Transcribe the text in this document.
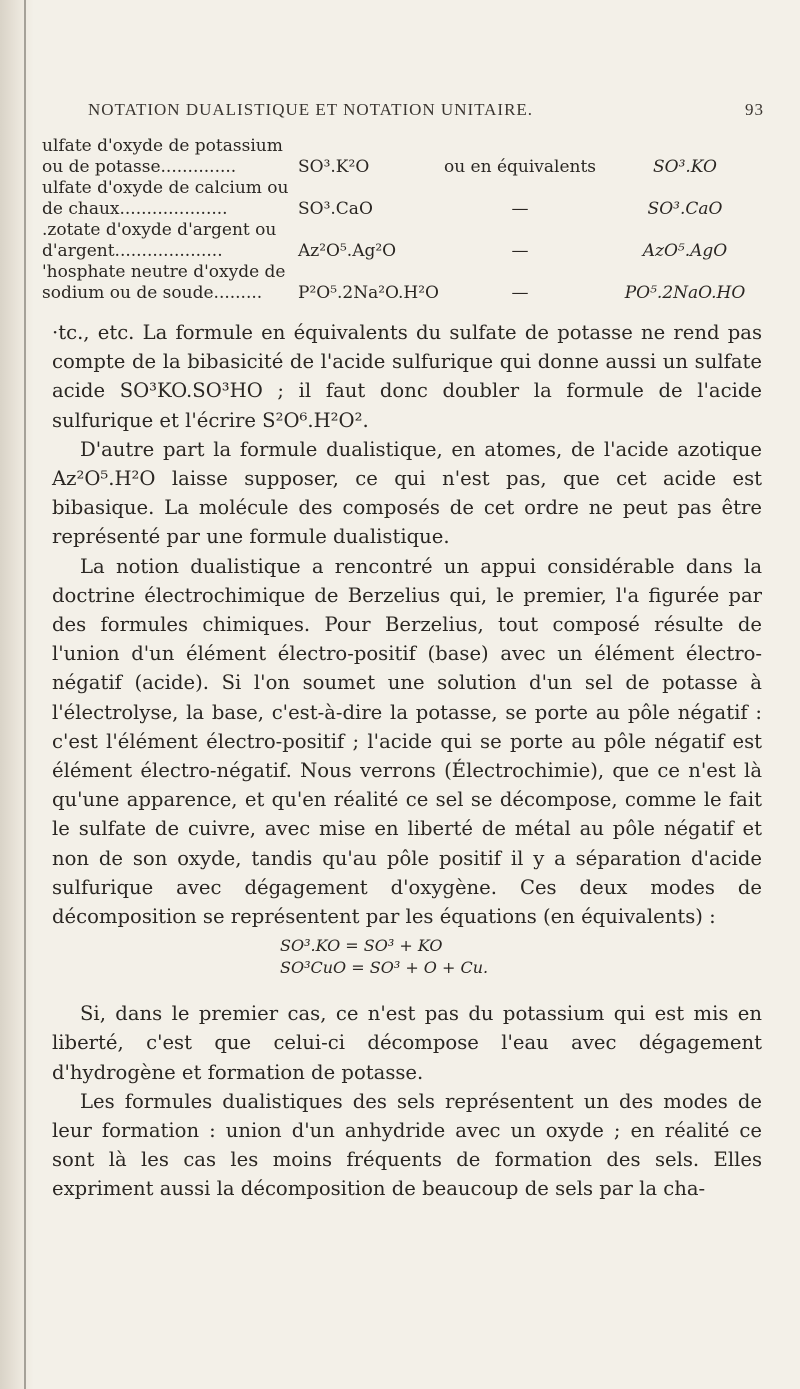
NOTATION DUALISTIQUE ET NOTATION UNITAIRE.	93
ulfate d'oxyde de potassium
ou de potasse..............	SO³.K²O	ou en équivalents	SO³.KO
ulfate d'oxyde de calcium ou
de chaux....................	SO³.CaO	—	SO³.CaO
.zotate d'oxyde d'argent ou
d'argent....................	Az²O⁵.Ag²O	—	AzO⁵.AgO
'hosphate neutre d'oxyde de
sodium ou de soude.........	P²O⁵.2Na²O.H²O	—	PO⁵.2NaO.HO

·tc., etc. La formule en équivalents du sulfate de potasse ne rend pas compte de la bibasicité de l'acide sulfurique qui donne aussi un sulfate acide SO³KO.SO³HO ; il faut donc doubler la formule de l'acide sulfurique et l'écrire S²O⁶.H²O².

D'autre part la formule dualistique, en atomes, de l'acide azotique Az²O⁵.H²O laisse supposer, ce qui n'est pas, que cet acide est bibasique. La molécule des composés de cet ordre ne peut pas être représenté par une formule dualistique.

La notion dualistique a rencontré un appui considérable dans la doctrine électrochimique de Berzelius qui, le premier, l'a figurée par des formules chimiques. Pour Berzelius, tout composé résulte de l'union d'un élément électro-positif (base) avec un élément électro-négatif (acide). Si l'on soumet une solution d'un sel de potasse à l'électrolyse, la base, c'est-à-dire la potasse, se porte au pôle négatif : c'est l'élément électro-positif ; l'acide qui se porte au pôle négatif est élément électro-négatif. Nous verrons (Électrochimie), que ce n'est là qu'une apparence, et qu'en réalité ce sel se décompose, comme le fait le sulfate de cuivre, avec mise en liberté de métal au pôle négatif et non de son oxyde, tandis qu'au pôle positif il y a séparation d'acide sulfurique avec dégagement d'oxygène. Ces deux modes de décomposition se représentent par les équations (en équivalents) :

SO³.KO = SO³ + KO
SO³CuO = SO³ + O + Cu.

Si, dans le premier cas, ce n'est pas du potassium qui est mis en liberté, c'est que celui-ci décompose l'eau avec dégagement d'hydrogène et formation de potasse.

Les formules dualistiques des sels représentent un des modes de leur formation : union d'un anhydride avec un oxyde ; en réalité ce sont là les cas les moins fréquents de formation des sels. Elles expriment aussi la décomposition de beaucoup de sels par la cha-
